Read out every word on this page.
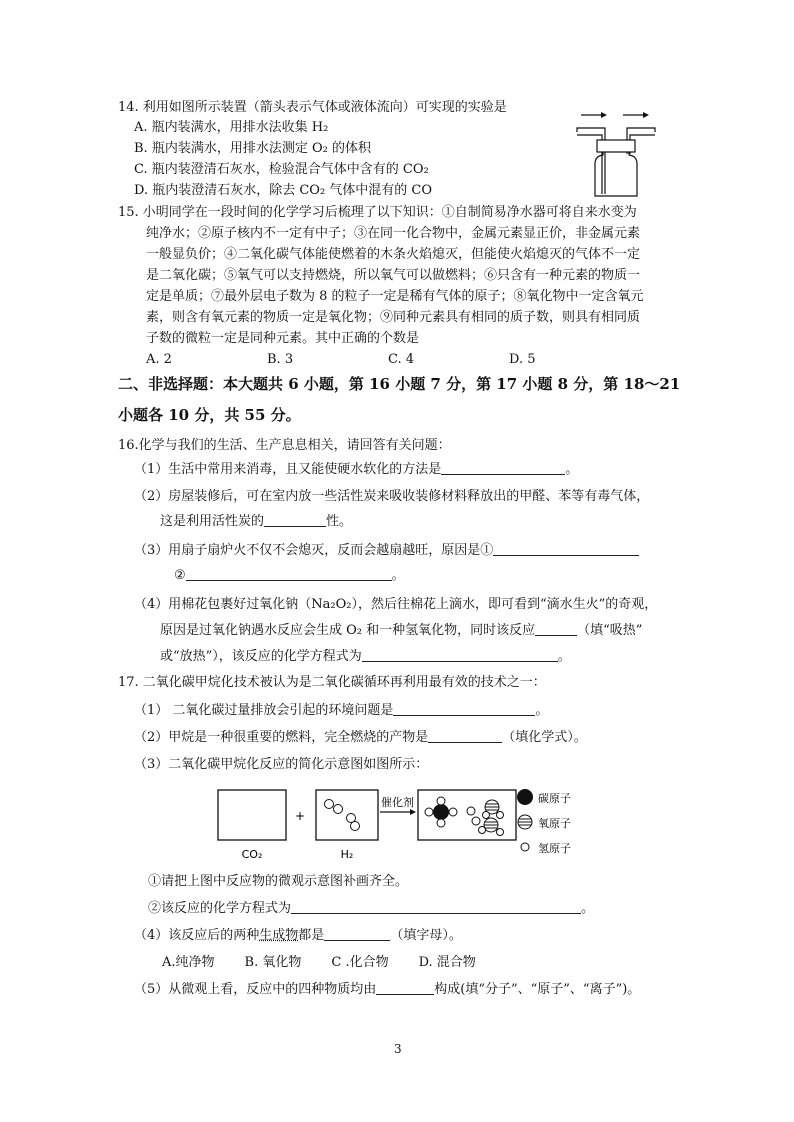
14. 利用如图所示装置（箭头表示气体或液体流向）可实现的实验是
A. 瓶内装满水，用排水法收集 H₂
B. 瓶内装满水，用排水法测定 O₂ 的体积
C. 瓶内装澄清石灰水，检验混合气体中含有的 CO₂
D. 瓶内装澄清石灰水，除去 CO₂ 气体中混有的 CO
15. 小明同学在一段时间的化学学习后梳理了以下知识：①自制简易净水器可将自来水变为
纯净水；②原子核内不一定有中子；③在同一化合物中，金属元素显正价，非金属元素
一般显负价；④二氧化碳气体能使燃着的木条火焰熄灭，但能使火焰熄灭的气体不一定
是二氧化碳；⑤氧气可以支持燃烧，所以氧气可以做燃料；⑥只含有一种元素的物质一
定是单质；⑦最外层电子数为 8 的粒子一定是稀有气体的原子；⑧氧化物中一定含氧元
素，则含有氧元素的物质一定是氧化物；⑨同种元素具有相同的质子数，则具有相同质
子数的微粒一定是同种元素。其中正确的个数是
A. 2	B. 3	C. 4	D. 5
二、非选择题：本大题共 6 小题，第 16 小题 7 分，第 17 小题 8 分，第 18～21
小题各 10 分，共 55 分。
16.化学与我们的生活、生产息息相关，请回答有关问题：
（1）生活中常用来消毒，且又能使硬水软化的方法是	。
（2）房屋装修后，可在室内放一些活性炭来吸收装修材料释放出的甲醛、苯等有毒气体，
这是利用活性炭的	性。
（3）用扇子扇炉火不仅不会熄灭，反而会越扇越旺，原因是①
②	。
（4）用棉花包裹好过氧化钠（Na₂O₂），然后往棉花上滴水，即可看到“滴水生火”的奇观，
原因是过氧化钠遇水反应会生成 O₂ 和一种氢氧化物，同时该反应	（填“吸热”
或“放热”），该反应的化学方程式为	。
17. 二氧化碳甲烷化技术被认为是二氧化碳循环再利用最有效的技术之一：
（1） 二氧化碳过量排放会引起的环境问题是	。
（2）甲烷是一种很重要的燃料，完全燃烧的产物是	（填化学式）。
（3）二氧化碳甲烷化反应的简化示意图如图所示：
CO₂
+
H₂
催化剂	碳原子
氧原子
氢原子
①请把上图中反应物的微观示意图补画齐全。
②该反应的化学方程式为	。
（4）该反应后的两种生成物都是	（填字母）。
A.纯净物 B. 氧化物 C .化合物 D. 混合物
（5）从微观上看，反应中的四种物质均由	构成(填“分子”、“原子”、“离子”)。
3
